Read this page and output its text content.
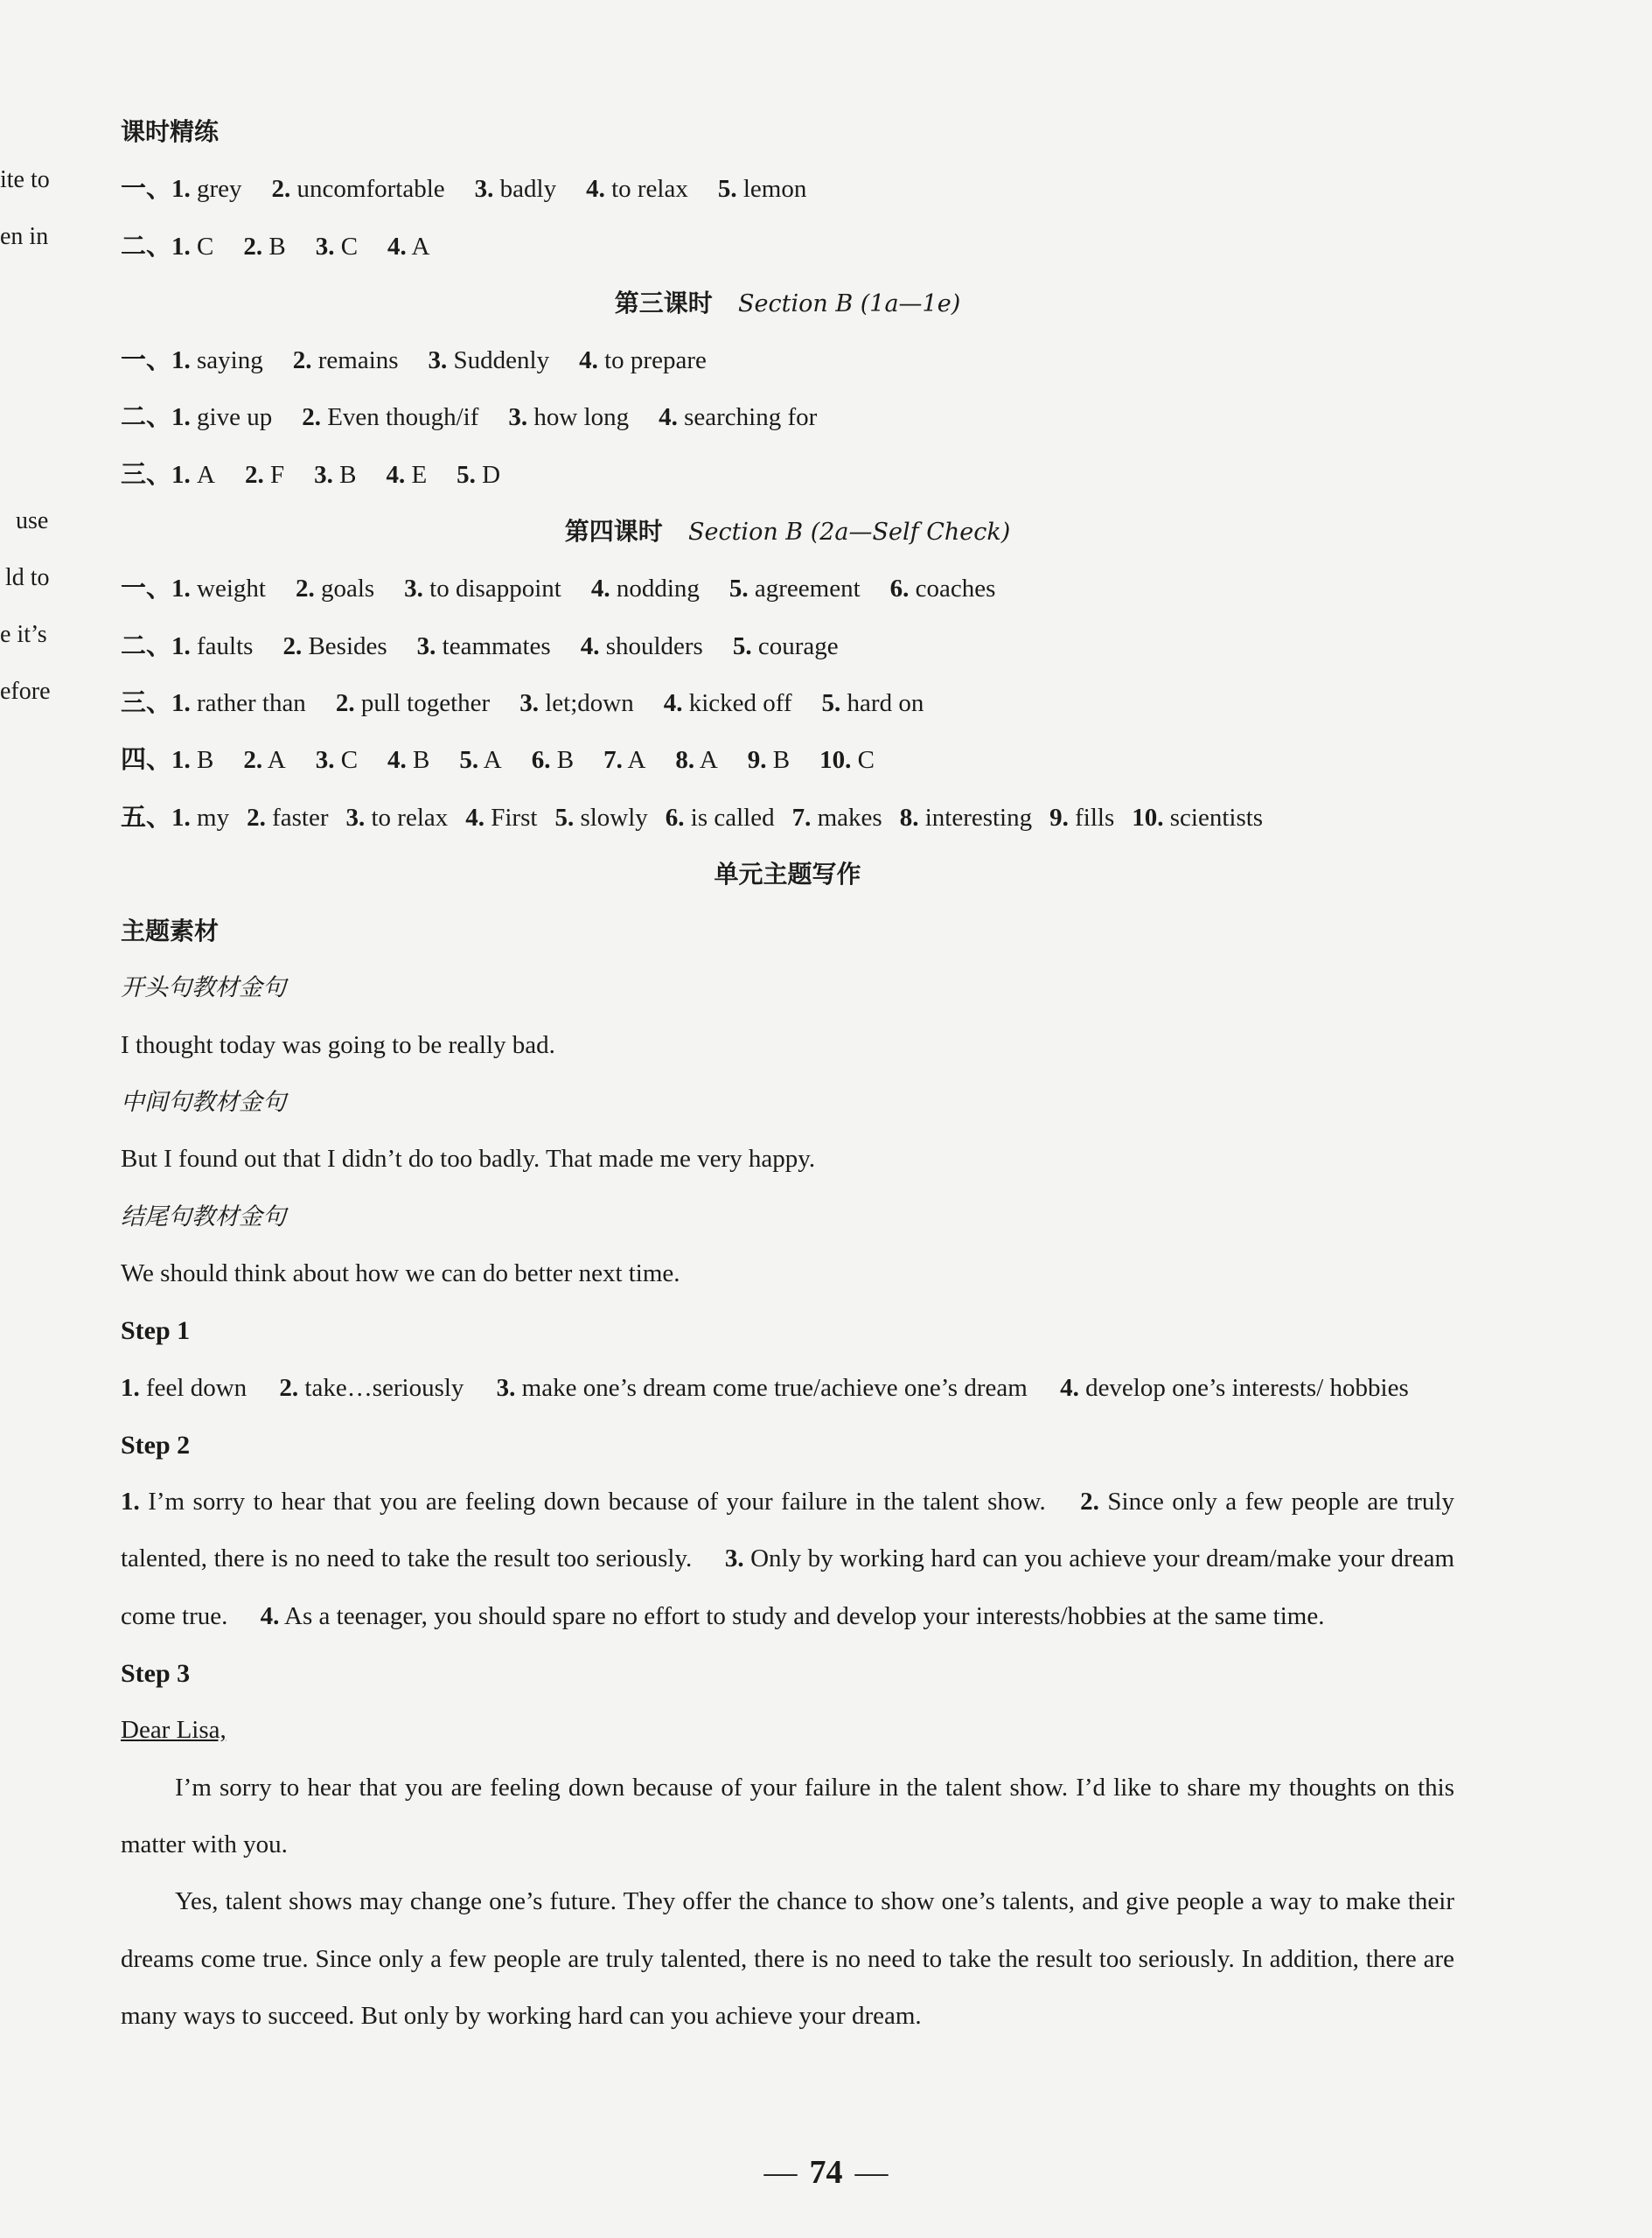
ite to
en in
use
ld to
e it’s
efore
课时精练
一、1. grey 2. uncomfortable 3. badly 4. to relax 5. lemon
二、1. C 2. B 3. C 4. A
第三课时 Section B (1a—1e)
一、1. saying 2. remains 3. Suddenly 4. to prepare
二、1. give up 2. Even though/if 3. how long 4. searching for
三、1. A 2. F 3. B 4. E 5. D
第四课时 Section B (2a—Self Check)
一、1. weight 2. goals 3. to disappoint 4. nodding 5. agreement 6. coaches
二、1. faults 2. Besides 3. teammates 4. shoulders 5. courage
三、1. rather than 2. pull together 3. let;down 4. kicked off 5. hard on
四、1. B 2. A 3. C 4. B 5. A 6. B 7. A 8. A 9. B 10. C
五、1. my 2. faster 3. to relax 4. First 5. slowly 6. is called 7. makes 8. interesting 9. fills 10. scientists
单元主题写作
主题素材
开头句教材金句
I thought today was going to be really bad.
中间句教材金句
But I found out that I didn’t do too badly. That made me very happy.
结尾句教材金句
We should think about how we can do better next time.
Step 1
1. feel down 2. take…seriously 3. make one’s dream come true/achieve one’s dream 4. develop one’s interests/ hobbies
Step 2
1. I’m sorry to hear that you are feeling down because of your failure in the talent show. 2. Since only a few people are truly talented, there is no need to take the result too seriously. 3. Only by working hard can you achieve your dream/make your dream come true. 4. As a teenager, you should spare no effort to study and develop your interests/hobbies at the same time.
Step 3
Dear Lisa,
I’m sorry to hear that you are feeling down because of your failure in the talent show. I’d like to share my thoughts on this matter with you.
Yes, talent shows may change one’s future. They offer the chance to show one’s talents, and give people a way to make their dreams come true. Since only a few people are truly talented, there is no need to take the result too seriously. In addition, there are many ways to succeed. But only by working hard can you achieve your dream.
— 74 —
